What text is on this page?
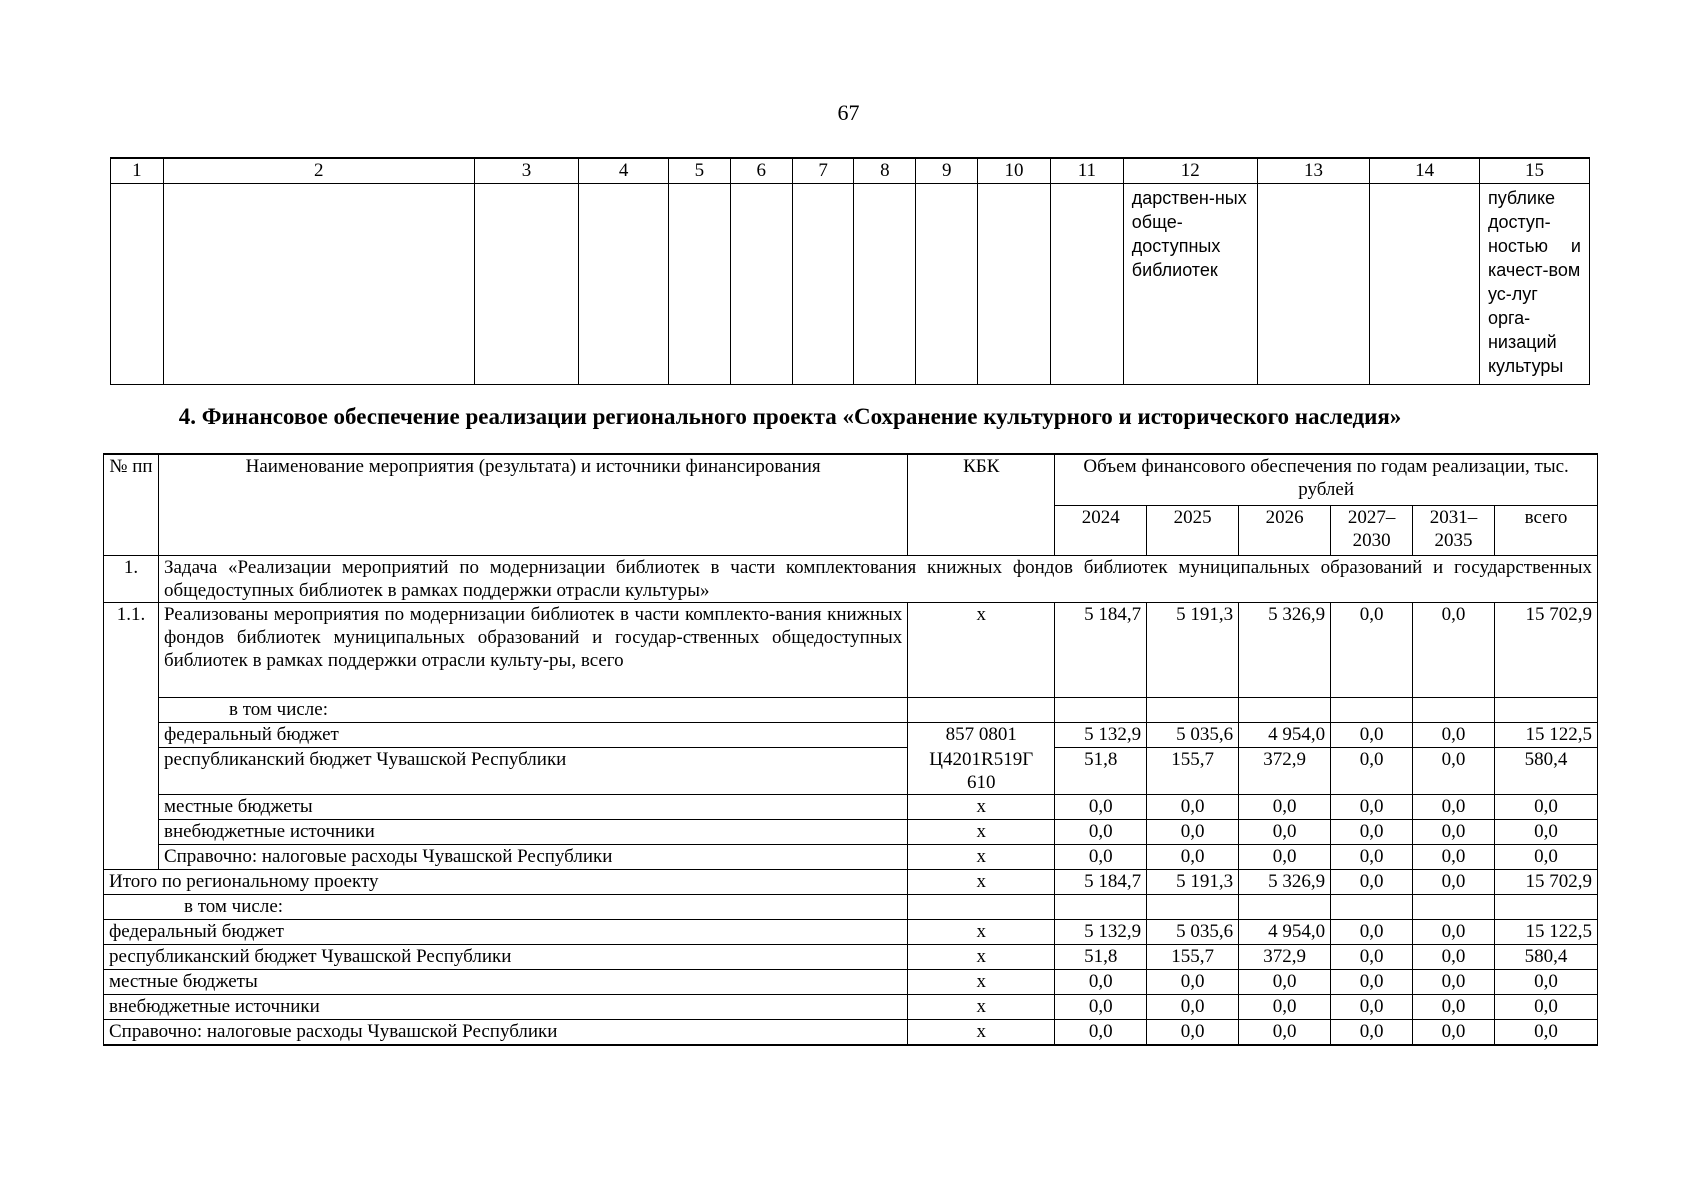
67
1	2	3	4	5	6	7	8	9	10	11	12	13	14	15
											дарствен-ных обще-доступных библиотек			публике доступ-ностью и качест-вом ус-луг орга-низаций культуры
4. Финансовое обеспечение реализации регионального проекта «Сохранение культурного и исторического наследия»
№ пп	Наименование мероприятия (результата) и источники финансирования	КБК	Объем финансового обеспечения по годам реализации, тыс. рублей					
			2024	2025	2026	2027–2030	2031–2035	всего
1.	Задача «Реализации мероприятий по модернизации библиотек в части комплектования книжных фондов библиотек муниципальных образований и государственных общедоступных библиотек в рамках поддержки отрасли культуры»							
1.1.	Реализованы мероприятия по модернизации библиотек в части комплекто-вания книжных фондов библиотек муниципальных образований и государ-ственных общедоступных библиотек в рамках поддержки отрасли культу-ры, всего	х	5 184,7	5 191,3	5 326,9	0,0	0,0	15 702,9
	в том числе:							
	федеральный бюджет	857 0801	5 132,9	5 035,6	4 954,0	0,0	0,0	15 122,5
	республиканский бюджет Чувашской Республики	Ц4201R519Г 610	51,8	155,7	372,9	0,0	0,0	580,4
	местные бюджеты	х	0,0	0,0	0,0	0,0	0,0	0,0
	внебюджетные источники	х	0,0	0,0	0,0	0,0	0,0	0,0
	Справочно: налоговые расходы Чувашской Республики	х	0,0	0,0	0,0	0,0	0,0	0,0
Итого по региональному проекту		х	5 184,7	5 191,3	5 326,9	0,0	0,0	15 702,9
в том числе:								
федеральный бюджет		х	5 132,9	5 035,6	4 954,0	0,0	0,0	15 122,5
республиканский бюджет Чувашской Республики		х	51,8	155,7	372,9	0,0	0,0	580,4
местные бюджеты		х	0,0	0,0	0,0	0,0	0,0	0,0
внебюджетные источники		х	0,0	0,0	0,0	0,0	0,0	0,0
Справочно: налоговые расходы Чувашской Республики		х	0,0	0,0	0,0	0,0	0,0	0,0
